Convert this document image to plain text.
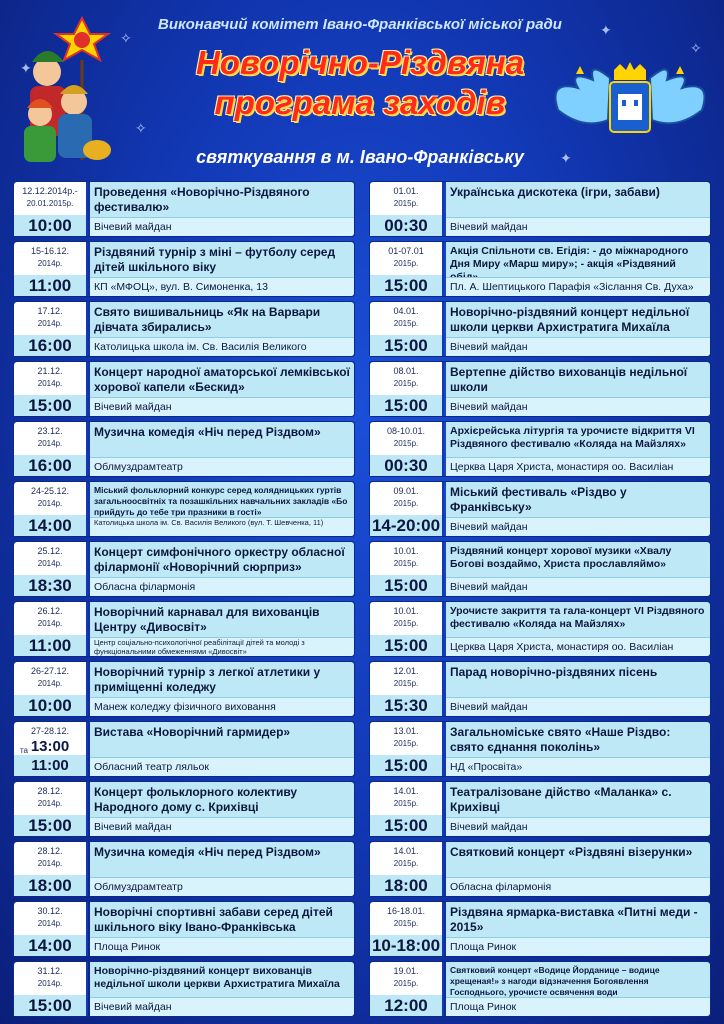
✦
✦
✧
✧
✦
✧
Виконавчий комітет Івано-Франківської міської ради
Новорічно-Різдвяна
програма заходів
святкування в м. Івано-Франківську
12.12.2014р.-
20.01.2015р.
10:00
Проведення «Новорічно-Різдвяного фестивалю»
Вічевий майдан
15-16.12.
2014р.
11:00
Різдвяний турнір з міні – футболу серед дітей шкільного віку
КП «МФОЦ», вул. В. Симоненка, 13
17.12.
2014р.
16:00
Свято вишивальниць «Як на Варвари дівчата збирались»
Католицька школа ім. Св. Василія Великого
21.12.
2014р.
15:00
Концерт народної аматорської лемківської хорової капели «Бескид»
Вічевий майдан
23.12.
2014р.
16:00
Музична комедія «Ніч перед Різдвом»
Облмуздрамтеатр
24-25.12.
2014р.
14:00
Міський фольклорний конкурс серед колядницьких гуртів загальноосвітніх та позашкільних навчальних закладів «Бо прийдуть до тебе три празники в гості»
Католицька школа ім. Св. Василія Великого (вул. Т. Шевченка, 11)
25.12.
2014р.
18:30
Концерт симфонічного оркестру обласної філармонії «Новорічний сюрприз»
Обласна філармонія
26.12.
2014р.
11:00
Новорічний карнавал для вихованців Центру «Дивосвіт»
Центр соціально-психологічної реабілітації дітей та молоді з функціональними обмеженнями «Дивосвіт»
26-27.12.
2014р.
10:00
Новорічний турнір з легкої атлетики у приміщенні коледжу
Манеж коледжу фізичного виховання
27-28.12.
та
11:00
13:00
Вистава «Новорічний гармидер»
Обласний театр ляльок
28.12.
2014р.
15:00
Концерт фольклорного колективу Народного дому с. Крихівці
Вічевий майдан
28.12.
2014р.
18:00
Музична комедія «Ніч перед Різдвом»
Облмуздрамтеатр
30.12.
2014р.
14:00
Новорічні спортивні забави серед дітей шкільного віку Івано-Франківська
Площа Ринок
31.12.
2014р.
15:00
Новорічно-різдвяний концерт вихованців недільної школи церкви Архистратига Михаїла
Вічевий майдан
01.01.
2015р.
00:30
Українська дискотека (ігри, забави)
Вічевий майдан
01-07.01
2015р.
15:00
Акція Спільноти св. Егідія: - до міжнародного Дня Миру «Марш миру»; - акція «Різдвяний
Пл. А. Шептицького Парафія «Зіслання Св. Духа»
04.01.
2015р.
15:00
Новорічно-різдвяний концерт недільної школи церкви Архистратига Михаїла
Вічевий майдан
08.01.
2015р.
15:00
Вертепне дійство вихованців недільної школи
Вічевий майдан
08-10.01.
2015р.
00:30
Архієрейська літургія та урочисте відкриття VI Різдвяного фестивалю «Коляда на Майзлях»
Церква Царя Христа, монастиря оо. Василіан
09.01.
2015р.
14-20:00
Міський фестиваль «Різдво у Франківську»
Вічевий майдан
10.01.
2015р.
15:00
Різдвяний концерт хорової музики «Хвалу Богові воздаймо, Христа прославляймо»
Вічевий майдан
10.01.
2015р.
15:00
Урочисте закриття та гала-концерт VI Різдвяного фестивалю «Коляда на Майзлях»
Церква Царя Христа, монастиря оо. Василіан
12.01.
2015р.
15:30
Парад новорічно-різдвяних пісень
Вічевий майдан
13.01.
2015р.
15:00
Загальноміське свято «Наше Різдво: свято єднання поколінь»
НД «Просвіта»
14.01.
2015р.
15:00
Театралізоване дійство «Маланка» с. Крихівці
Вічевий майдан
14.01.
2015р.
18:00
Святковий концерт «Різдвяні візерунки»
Обласна філармонія
16-18.01.
2015р.
10-18:00
Різдвяна ярмарка-виставка «Питні меди - 2015»
Площа Ринок
19.01.
2015р.
12:00
Святковий концерт «Водице Йорданице – водице хрещеная!» з нагоди відзначення Богоявлення Господнього, урочисте освячення води
Площа Ринок
